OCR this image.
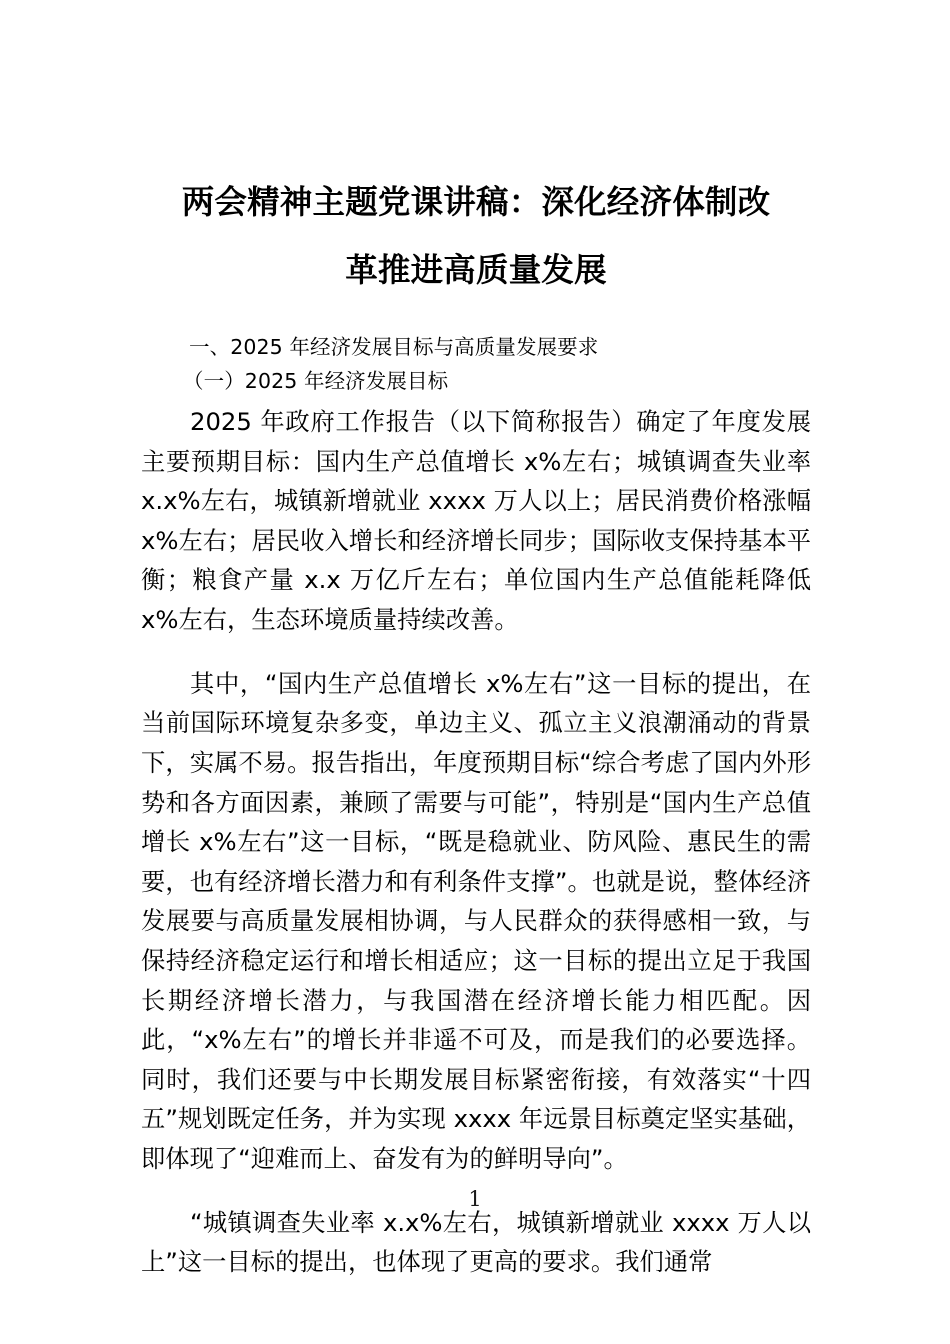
两会精神主题党课讲稿：深化经济体制改
革推进高质量发展
一、2025 年经济发展目标与高质量发展要求
（一）2025 年经济发展目标

2025 年政府工作报告（以下简称报告）确定了年度发展主要预期目标：国内生产总值增长 x%左右；城镇调查失业率 x.x%左右，城镇新增就业 xxxx 万人以上；居民消费价格涨幅 x%左右；居民收入增长和经济增长同步；国际收支保持基本平衡；粮食产量 x.x 万亿斤左右；单位国内生产总值能耗降低 x%左右，生态环境质量持续改善。

其中，“国内生产总值增长 x%左右”这一目标的提出，在当前国际环境复杂多变，单边主义、孤立主义浪潮涌动的背景下，实属不易。报告指出，年度预期目标“综合考虑了国内外形势和各方面因素，兼顾了需要与可能”，特别是“国内生产总值增长 x%左右”这一目标，“既是稳就业、防风险、惠民生的需要，也有经济增长潜力和有利条件支撑”。也就是说，整体经济发展要与高质量发展相协调，与人民群众的获得感相一致，与保持经济稳定运行和增长相适应；这一目标的提出立足于我国长期经济增长潜力，与我国潜在经济增长能力相匹配。因此，“x%左右”的增长并非遥不可及，而是我们的必要选择。同时，我们还要与中长期发展目标紧密衔接，有效落实“十四五”规划既定任务，并为实现 xxxx 年远景目标奠定坚实基础，即体现了“迎难而上、奋发有为的鲜明导向”。

“城镇调查失业率 x.x%左右，城镇新增就业 xxxx 万人以上”这一目标的提出，也体现了更高的要求。我们通常

1
